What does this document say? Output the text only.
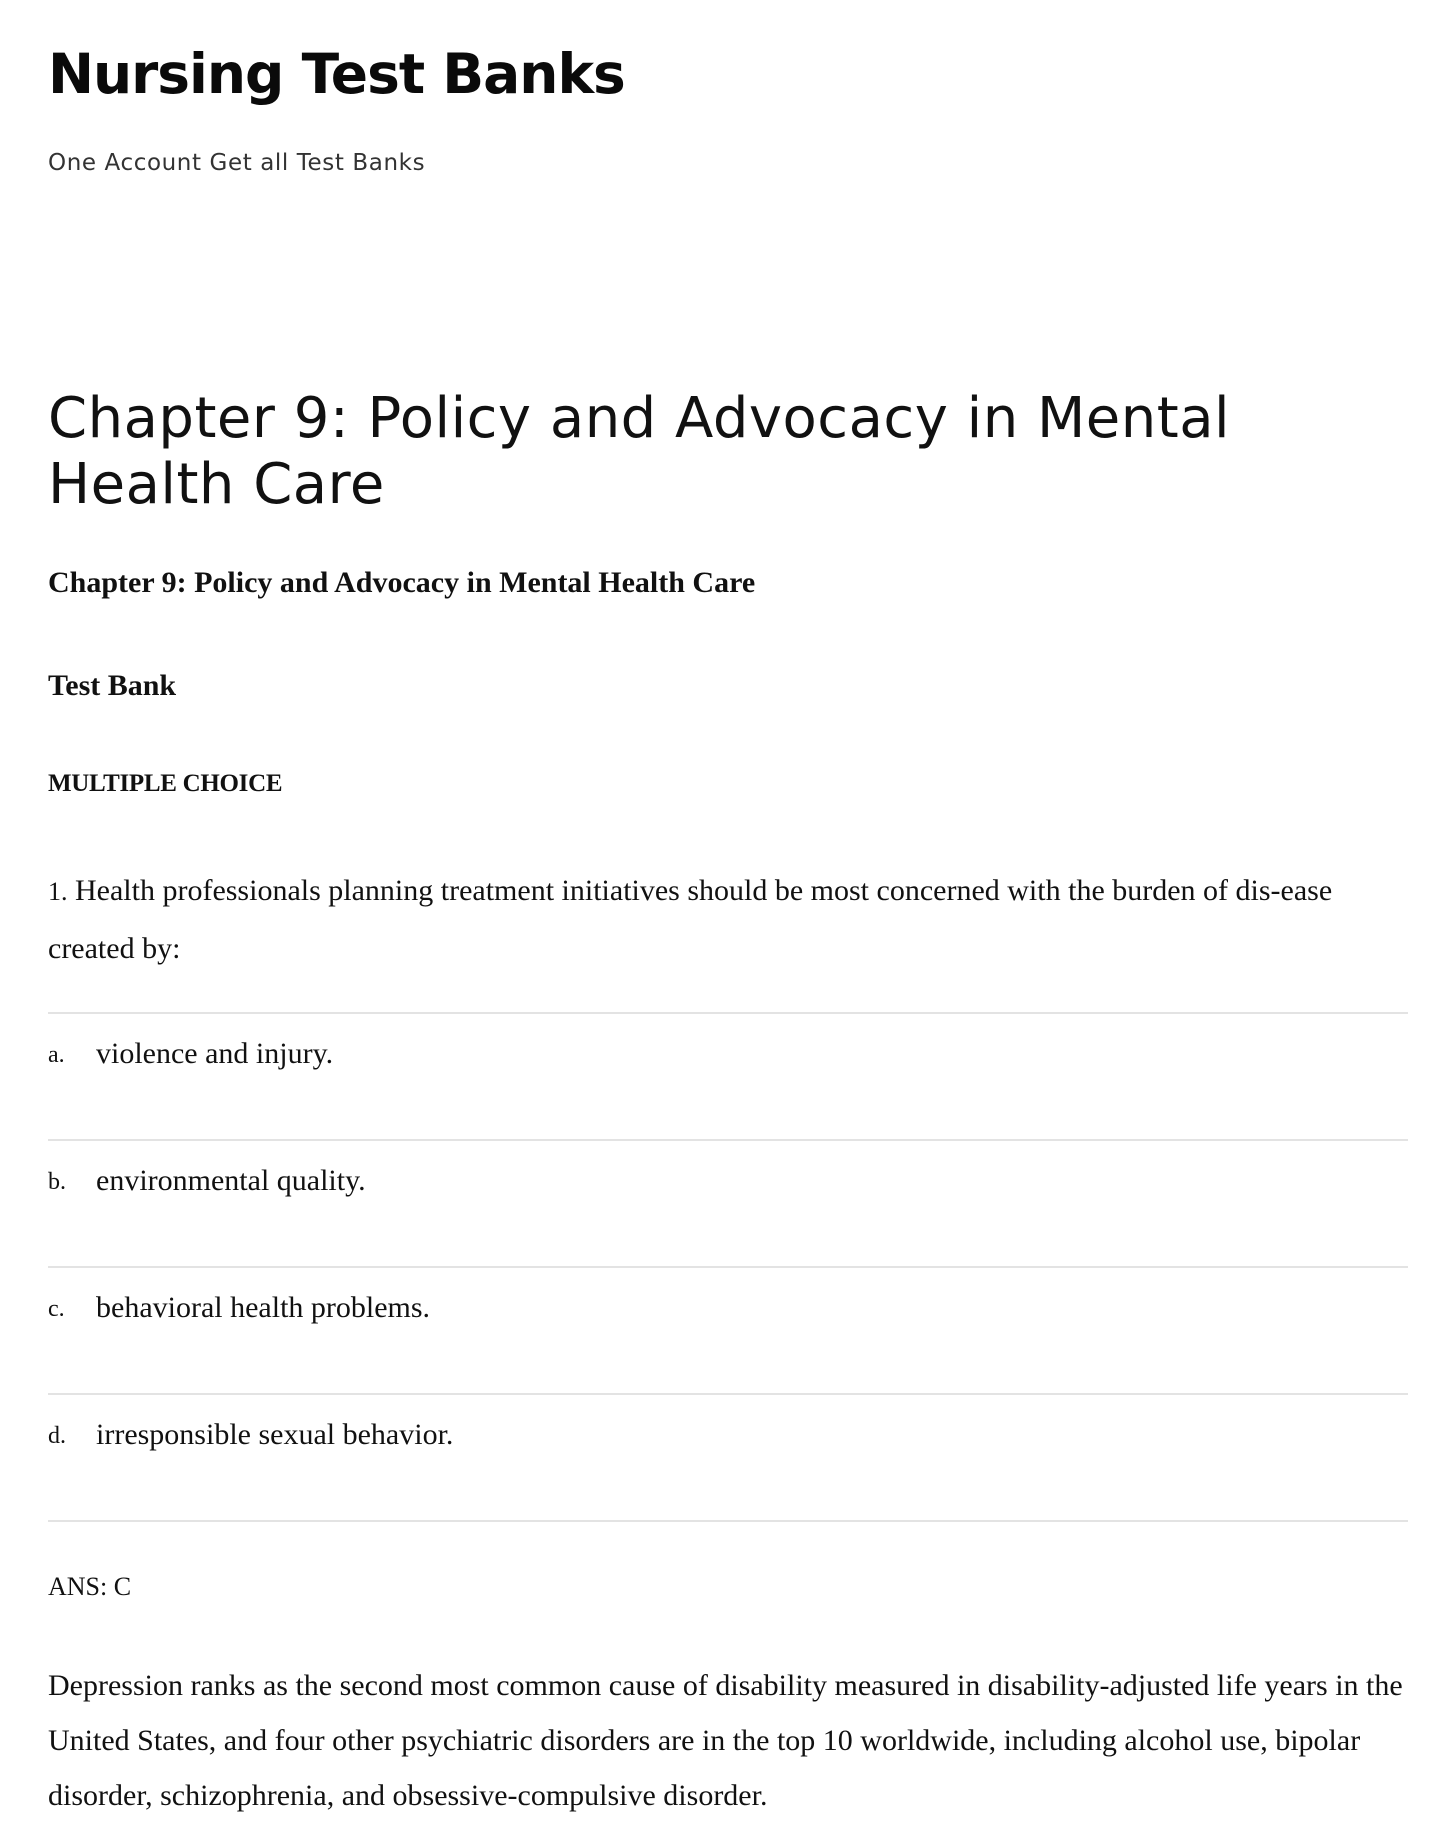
Nursing Test Banks

One Account Get all Test Banks

Chapter 9: Policy and Advocacy in Mental Health Care

Chapter 9: Policy and Advocacy in Mental Health Care

Test Bank

MULTIPLE CHOICE

1. Health professionals planning treatment initiatives should be most concerned with the burden of dis-ease created by:

a. violence and injury.
b. environmental quality.
c. behavioral health problems.
d. irresponsible sexual behavior.

ANS: C

Depression ranks as the second most common cause of disability measured in disability-adjusted life years in the United States, and four other psychiatric disorders are in the top 10 worldwide, including alcohol use, bipolar disorder, schizophrenia, and obsessive-compulsive disorder.
